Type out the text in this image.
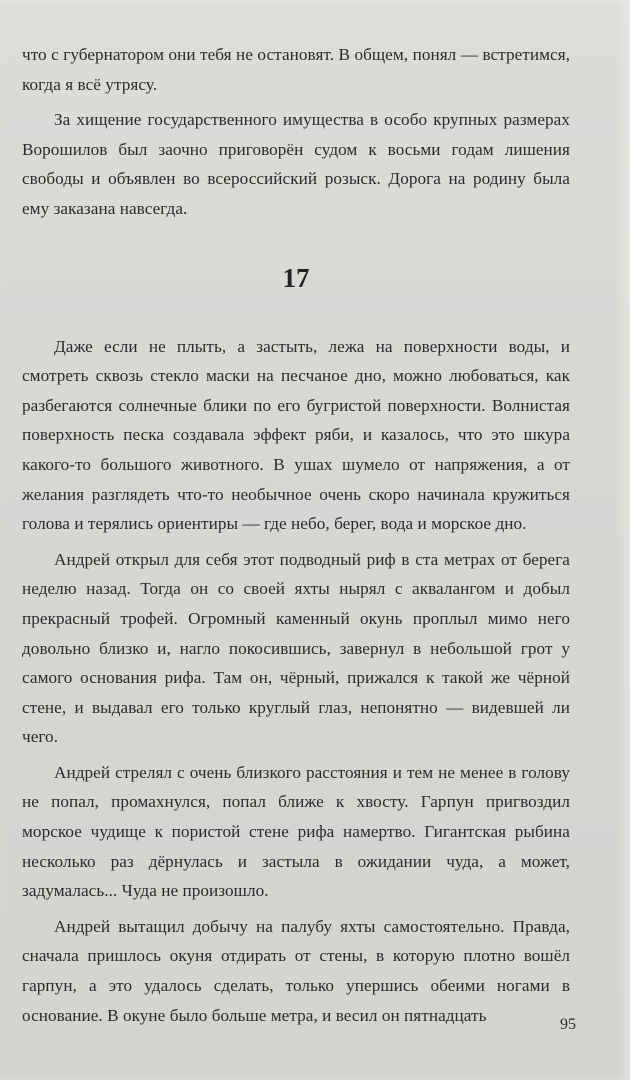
что с губернатором они тебя не остановят. В общем, понял — встретимся, когда я всё утрясу.

За хищение государственного имущества в особо крупных размерах Ворошилов был заочно приговорён судом к восьми годам лишения свободы и объявлен во всероссийский розыск. Дорога на родину была ему заказана навсегда.

17

Даже если не плыть, а застыть, лежа на поверхности воды, и смотреть сквозь стекло маски на песчаное дно, можно любоваться, как разбегаются солнечные блики по его бугристой поверхности. Волнистая поверхность песка создавала эффект ряби, и казалось, что это шкура какого-то большого животного. В ушах шумело от напряжения, а от желания разглядеть что-то необычное очень скоро начинала кружиться голова и терялись ориентиры — где небо, берег, вода и морское дно.

Андрей открыл для себя этот подводный риф в ста метрах от берега неделю назад. Тогда он со своей яхты нырял с аквалангом и добыл прекрасный трофей. Огромный каменный окунь проплыл мимо него довольно близко и, нагло покосившись, завернул в небольшой грот у самого основания рифа. Там он, чёрный, прижался к такой же чёрной стене, и выдавал его только круглый глаз, непонятно — видевшей ли чего.

Андрей стрелял с очень близкого расстояния и тем не менее в голову не попал, промахнулся, попал ближе к хвосту. Гарпун пригвоздил морское чудище к пористой стене рифа намертво. Гигантская рыбина несколько раз дёрнулась и застыла в ожидании чуда, а может, задумалась... Чуда не произошло.

Андрей вытащил добычу на палубу яхты самостоятельно. Правда, сначала пришлось окуня отдирать от стены, в которую плотно вошёл гарпун, а это удалось сделать, только упершись обеими ногами в основание. В окуне было больше метра, и весил он пятнадцать	95
